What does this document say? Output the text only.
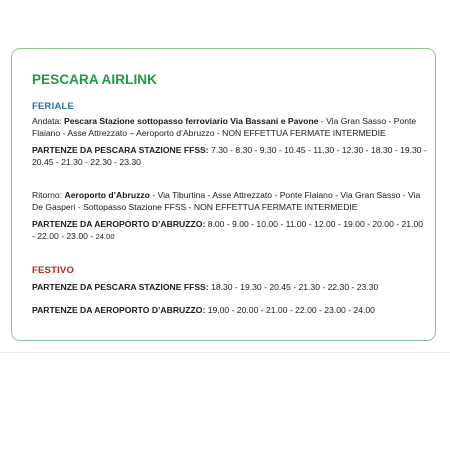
PESCARA AIRLINK
FERIALE
Andata: Pescara Stazione sottopasso ferroviario Via Bassani e Pavone - Via Gran Sasso - Ponte Flaiano - Asse Attrezzato – Aeroporto d’Abruzzo - NON EFFETTUA FERMATE INTERMEDIE
PARTENZE DA PESCARA STAZIONE FFSS: 7.30 - 8.30 - 9.30 - 10.45 - 11.30 - 12.30 - 18.30 - 19.30 - 20.45 - 21.30 - 22.30 - 23.30
Ritorno: Aeroporto d’Abruzzo - Via Tiburtina - Asse Attrezzato - Ponte Flaiano - Via Gran Sasso - Via De Gasperi - Sottopasso Stazione FFSS - NON EFFETTUA FERMATE INTERMEDIE
PARTENZE DA AEROPORTO D’ABRUZZO: 8.00 - 9.00 - 10.00 - 11.00 - 12.00 - 19.00 - 20.00 - 21.00 - 22.00 - 23.00 - 24.00
FESTIVO
PARTENZE DA PESCARA STAZIONE FFSS: 18.30 - 19.30 - 20.45 - 21.30 - 22.30 - 23.30
PARTENZE DA AEROPORTO D’ABRUZZO: 19.00 - 20.00 - 21.00 - 22.00 - 23.00 - 24.00
